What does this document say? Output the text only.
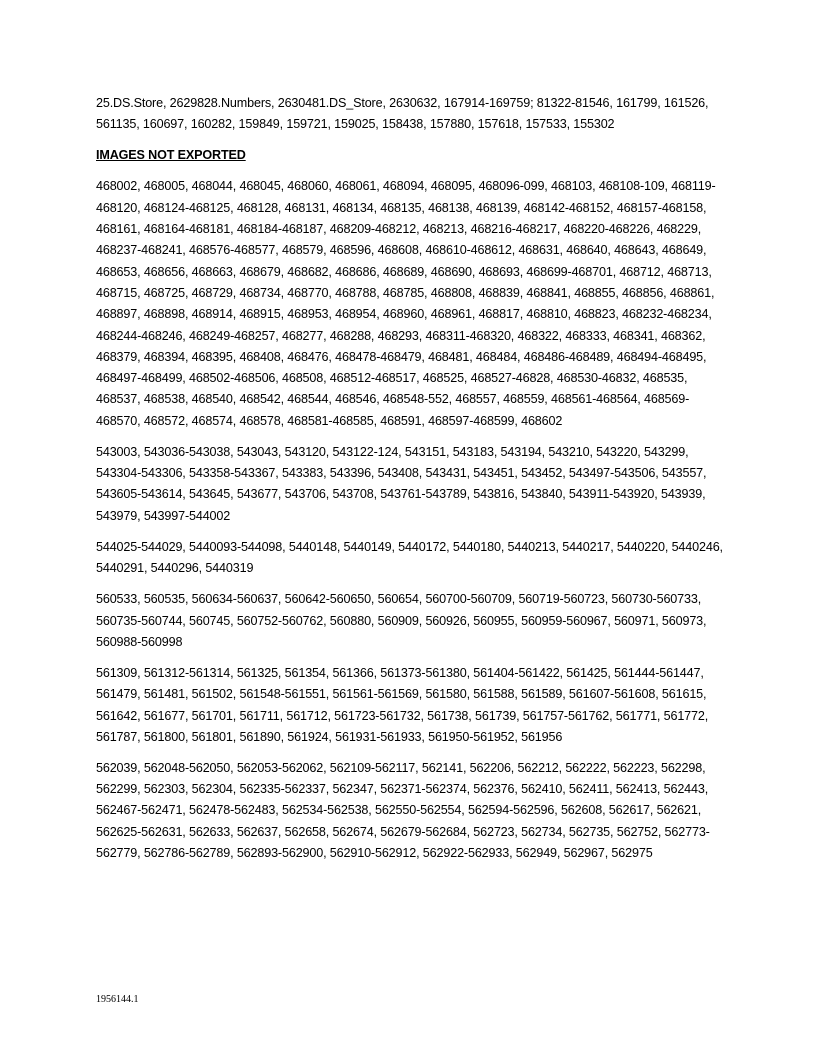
25.DS.Store, 2629828.Numbers, 2630481.DS_Store, 2630632, 167914-169759; 81322-81546, 161799, 161526, 561135, 160697, 160282, 159849, 159721, 159025, 158438, 157880, 157618, 157533, 155302

IMAGES NOT EXPORTED

468002, 468005, 468044, 468045, 468060, 468061, 468094, 468095, 468096-099, 468103, 468108-109, 468119-468120, 468124-468125, 468128, 468131, 468134, 468135, 468138, 468139, 468142-468152, 468157-468158, 468161, 468164-468181, 468184-468187, 468209-468212, 468213, 468216-468217, 468220-468226, 468229, 468237-468241, 468576-468577, 468579, 468596, 468608, 468610-468612, 468631, 468640, 468643, 468649, 468653, 468656, 468663, 468679, 468682, 468686, 468689, 468690, 468693, 468699-468701, 468712, 468713, 468715, 468725, 468729, 468734, 468770, 468788, 468785, 468808, 468839, 468841, 468855, 468856, 468861, 468897, 468898, 468914, 468915, 468953, 468954, 468960, 468961, 468817, 468810, 468823, 468232-468234, 468244-468246, 468249-468257, 468277, 468288, 468293, 468311-468320, 468322, 468333, 468341, 468362, 468379, 468394, 468395, 468408, 468476, 468478-468479, 468481, 468484, 468486-468489, 468494-468495, 468497-468499, 468502-468506, 468508, 468512-468517, 468525, 468527-46828, 468530-46832, 468535, 468537, 468538, 468540, 468542, 468544, 468546, 468548-552, 468557, 468559, 468561-468564, 468569-468570, 468572, 468574, 468578, 468581-468585, 468591, 468597-468599, 468602

543003, 543036-543038, 543043, 543120, 543122-124, 543151, 543183, 543194, 543210, 543220, 543299, 543304-543306, 543358-543367, 543383, 543396, 543408, 543431, 543451, 543452, 543497-543506, 543557, 543605-543614, 543645, 543677, 543706, 543708, 543761-543789, 543816, 543840, 543911-543920, 543939, 543979, 543997-544002

544025-544029, 5440093-544098, 5440148, 5440149, 5440172, 5440180, 5440213, 5440217, 5440220, 5440246, 5440291, 5440296, 5440319

560533, 560535, 560634-560637, 560642-560650, 560654, 560700-560709, 560719-560723, 560730-560733, 560735-560744, 560745, 560752-560762, 560880, 560909, 560926, 560955, 560959-560967, 560971, 560973, 560988-560998

561309, 561312-561314, 561325, 561354, 561366, 561373-561380, 561404-561422, 561425, 561444-561447, 561479, 561481, 561502, 561548-561551, 561561-561569, 561580, 561588, 561589, 561607-561608, 561615, 561642, 561677, 561701, 561711, 561712, 561723-561732, 561738, 561739, 561757-561762, 561771, 561772, 561787, 561800, 561801, 561890, 561924, 561931-561933, 561950-561952, 561956

562039, 562048-562050, 562053-562062, 562109-562117, 562141, 562206, 562212, 562222, 562223, 562298, 562299, 562303, 562304, 562335-562337, 562347, 562371-562374, 562376, 562410, 562411, 562413, 562443, 562467-562471, 562478-562483, 562534-562538, 562550-562554, 562594-562596, 562608, 562617, 562621, 562625-562631, 562633, 562637, 562658, 562674, 562679-562684, 562723, 562734, 562735, 562752, 562773-562779, 562786-562789, 562893-562900, 562910-562912, 562922-562933, 562949, 562967, 562975

1956144.1
